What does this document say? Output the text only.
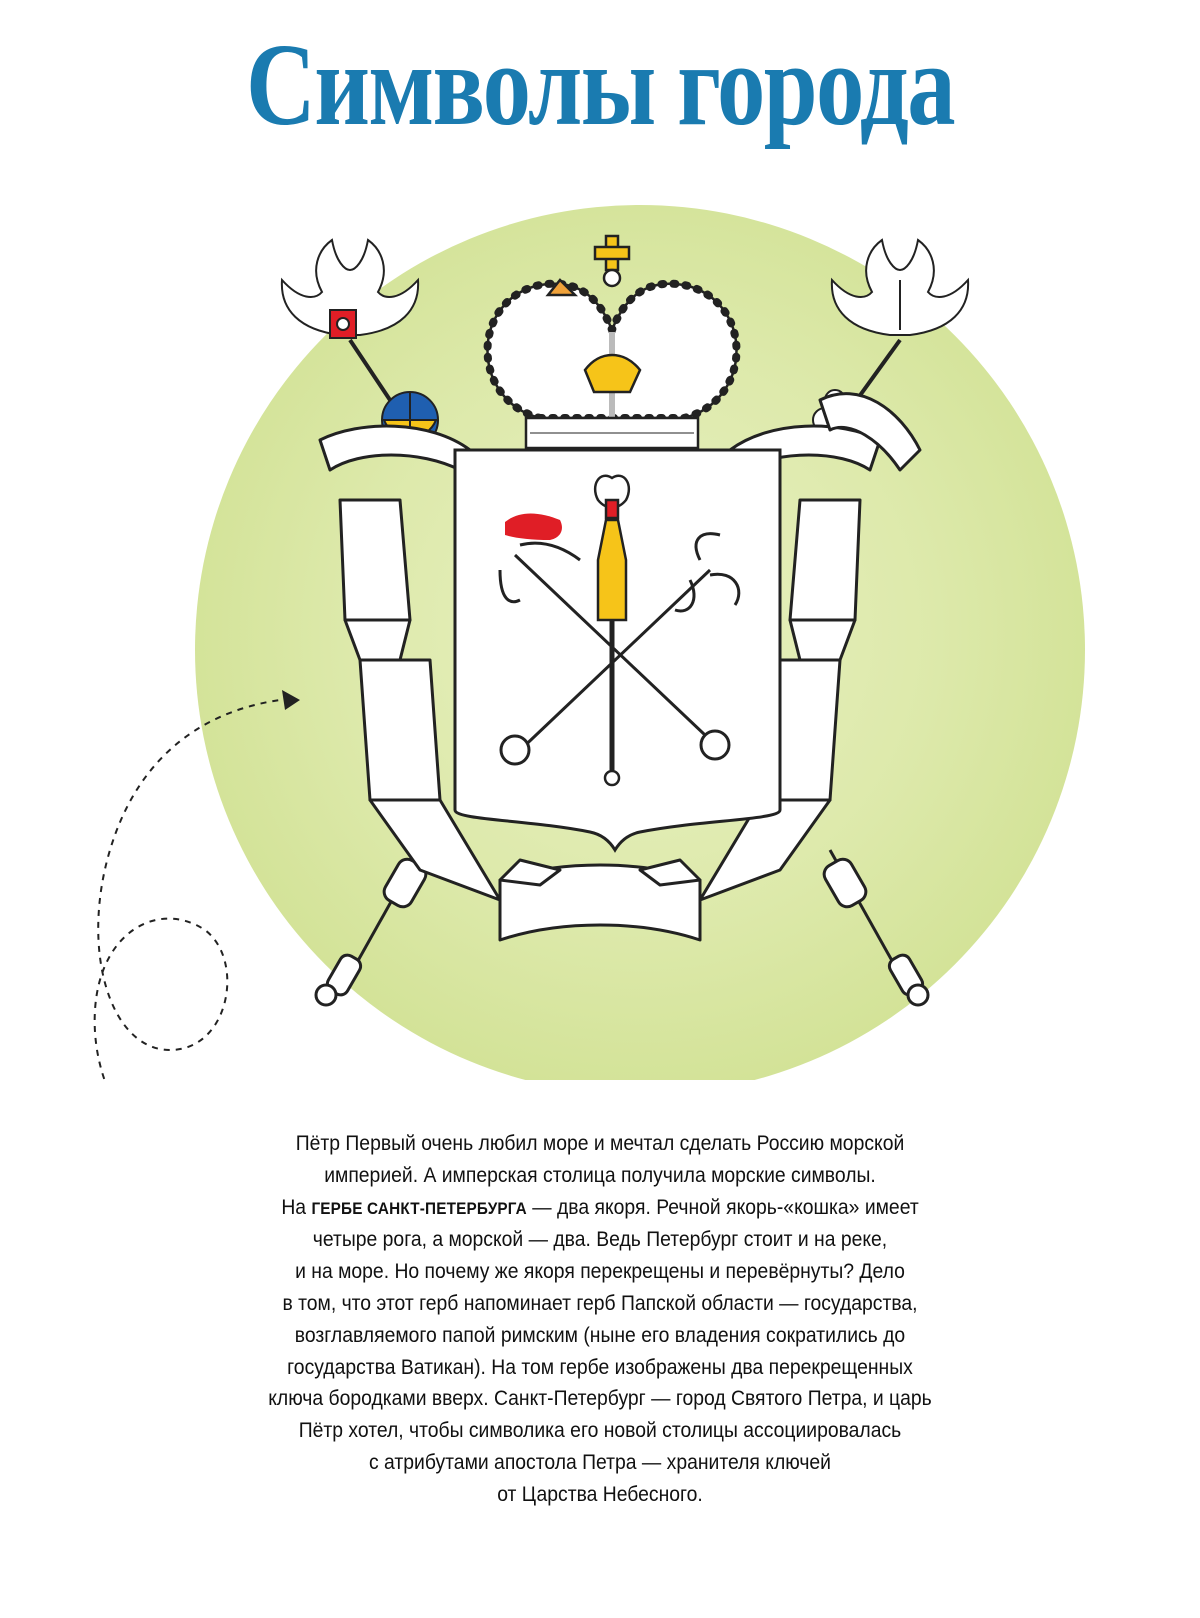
Символы города
Пётр Первый очень любил море и мечтал сделать Россию морской
империей. А имперская столица получила морские символы.
На ГЕРБЕ САНКТ-ПЕТЕРБУРГА — два якоря. Речной якорь-«кошка» имеет
четыре рога, а морской — два. Ведь Петербург стоит и на реке,
и на море. Но почему же якоря перекрещены и перевёрнуты? Дело
в том, что этот герб напоминает герб Папской области — государства,
возглавляемого папой римским (ныне его владения сократились до
государства Ватикан). На том гербе изображены два перекрещенных
ключа бородками вверх. Санкт-Петербург — город Святого Петра, и царь
Пётр хотел, чтобы символика его новой столицы ассоциировалась
с атрибутами апостола Петра — хранителя ключей
от Царства Небесного.
